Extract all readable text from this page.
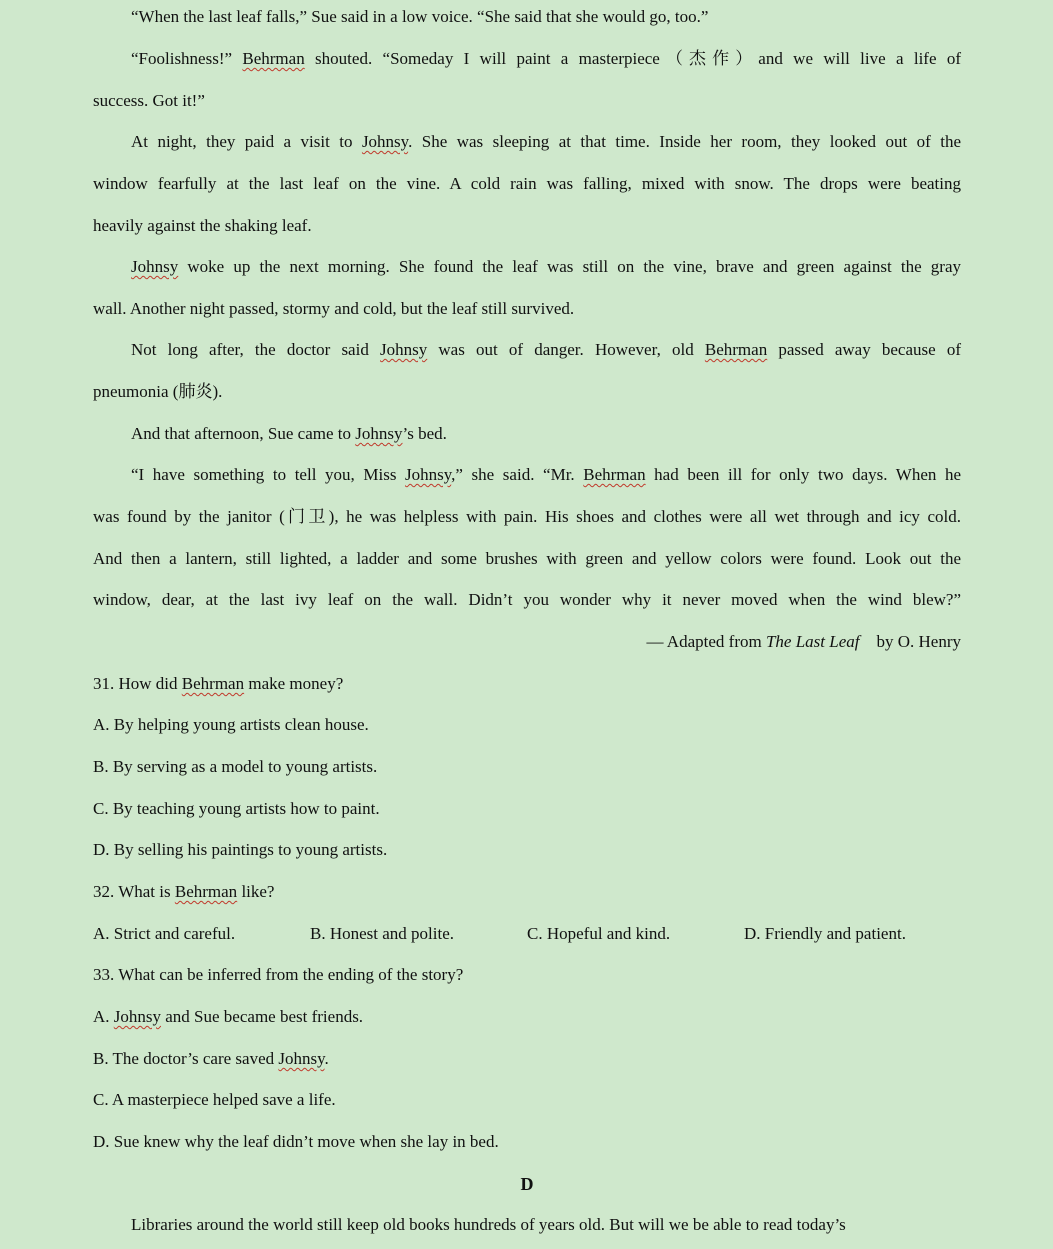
“When the last leaf falls,” Sue said in a low voice. “She said that she would go, too.”
“Foolishness!” Behrman shouted. “Someday I will paint a masterpiece（杰作）and we will live a life of
success. Got it!”
At night, they paid a visit to Johnsy. She was sleeping at that time. Inside her room, they looked out of the
window fearfully at the last leaf on the vine. A cold rain was falling, mixed with snow. The drops were beating
heavily against the shaking leaf.
Johnsy woke up the next morning. She found the leaf was still on the vine, brave and green against the gray
wall. Another night passed, stormy and cold, but the leaf still survived.
Not long after, the doctor said Johnsy was out of danger. However, old Behrman passed away because of
pneumonia (肺炎).
And that afternoon, Sue came to Johnsy’s bed.
“I have something to tell you, Miss Johnsy,” she said. “Mr. Behrman had been ill for only two days. When he
was found by the janitor (门卫), he was helpless with pain. His shoes and clothes were all wet through and icy cold.
And then a lantern, still lighted, a ladder and some brushes with green and yellow colors were found. Look out the
window, dear, at the last ivy leaf on the wall. Didn’t you wonder why it never moved when the wind blew?”
— Adapted from The Last Leaf    by O. Henry
31. How did Behrman make money?
A. By helping young artists clean house.
B. By serving as a model to young artists.
C. By teaching young artists how to paint.
D. By selling his paintings to young artists.
32. What is Behrman like?
A. Strict and careful.	B. Honest and polite.	C. Hopeful and kind.	D. Friendly and patient.
33. What can be inferred from the ending of the story?
A. Johnsy and Sue became best friends.
B. The doctor’s care saved Johnsy.
C. A masterpiece helped save a life.
D. Sue knew why the leaf didn’t move when she lay in bed.
D
Libraries around the world still keep old books hundreds of years old. But will we be able to read today’s
